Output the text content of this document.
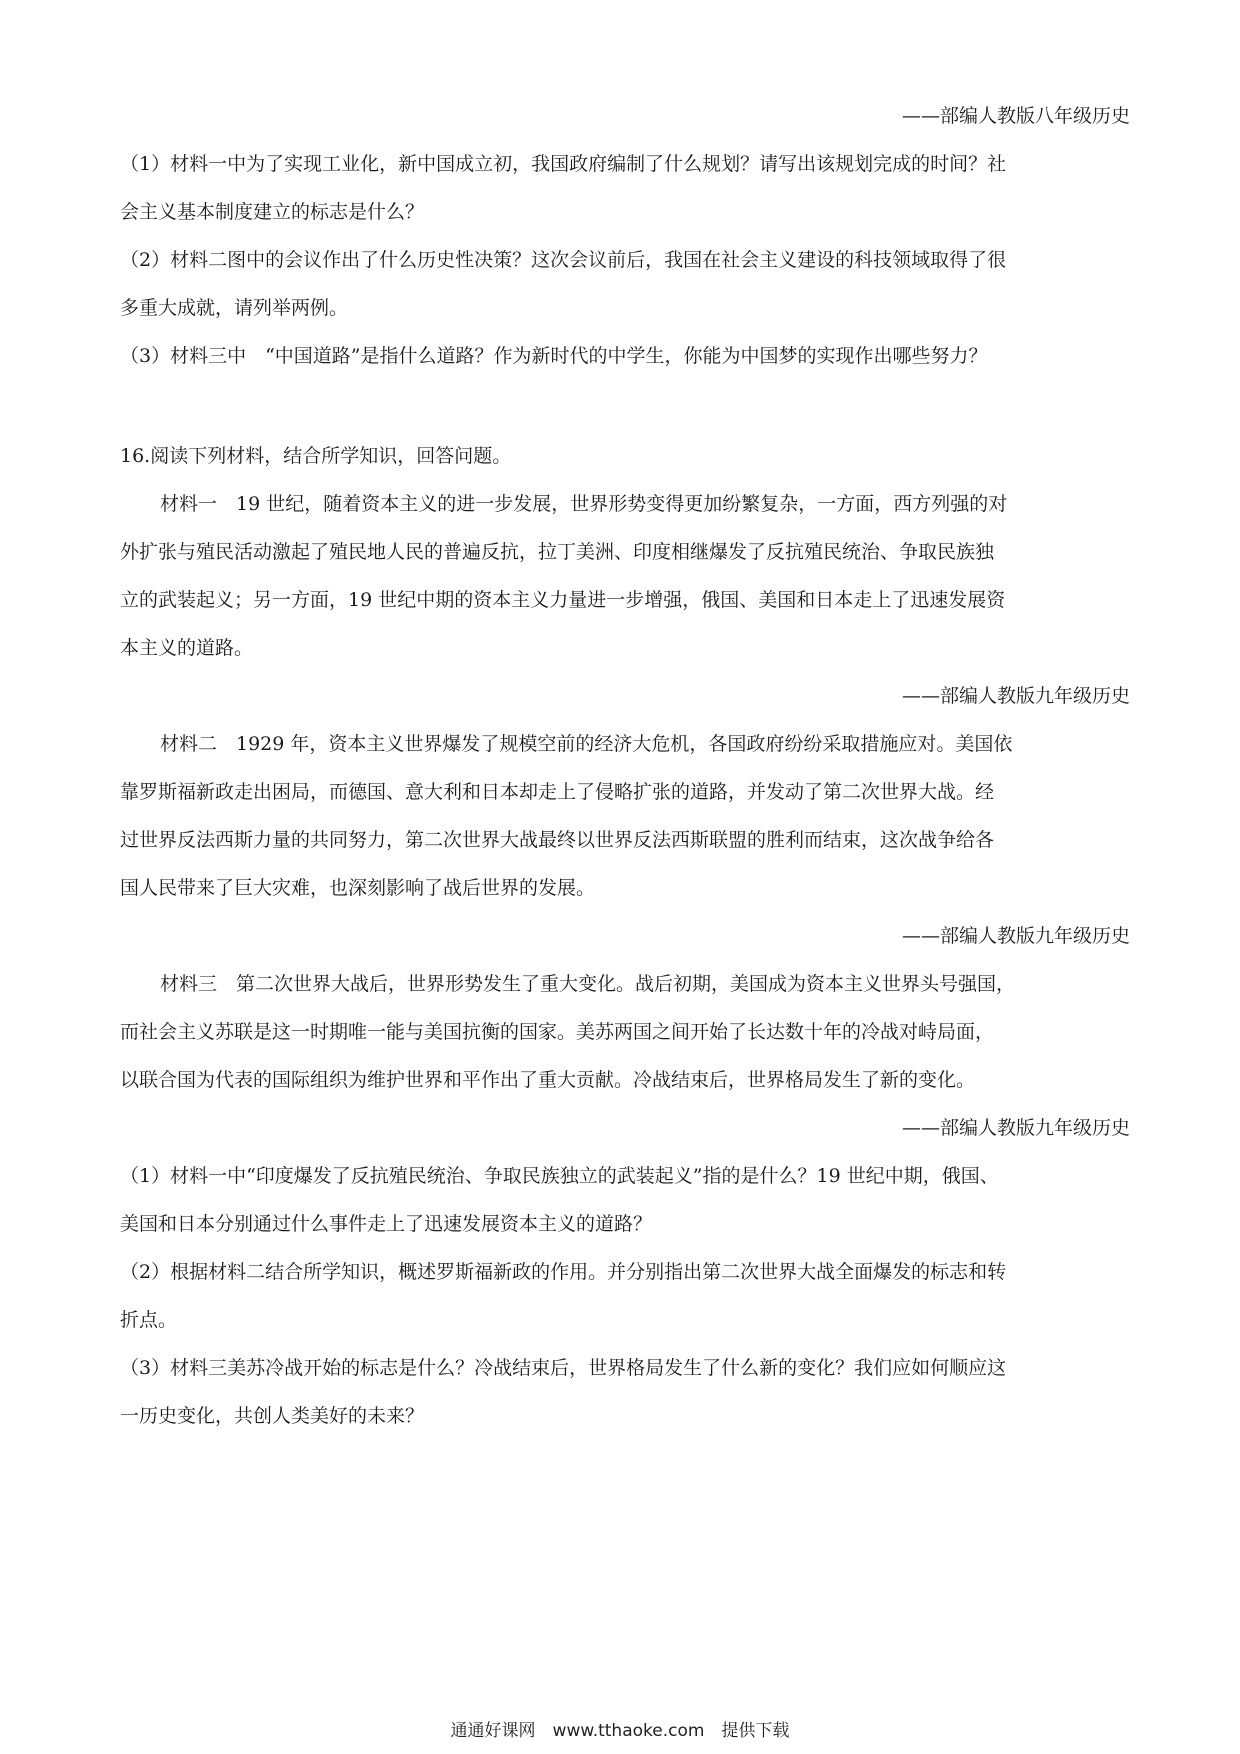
——部编人教版八年级历史
（1）材料一中为了实现工业化，新中国成立初，我国政府编制了什么规划？请写出该规划完成的时间？社
会主义基本制度建立的标志是什么？
（2）材料二图中的会议作出了什么历史性决策？这次会议前后，我国在社会主义建设的科技领域取得了很
多重大成就，请列举两例。
（3）材料三中　“中国道路”是指什么道路？作为新时代的中学生，你能为中国梦的实现作出哪些努力？
16.阅读下列材料，结合所学知识，回答问题。
材料一　19 世纪，随着资本主义的进一步发展，世界形势变得更加纷繁复杂，一方面，西方列强的对
外扩张与殖民活动激起了殖民地人民的普遍反抗，拉丁美洲、印度相继爆发了反抗殖民统治、争取民族独
立的武装起义；另一方面，19 世纪中期的资本主义力量进一步增强，俄国、美国和日本走上了迅速发展资
本主义的道路。
——部编人教版九年级历史
材料二　1929 年，资本主义世界爆发了规模空前的经济大危机，各国政府纷纷采取措施应对。美国依
靠罗斯福新政走出困局，而德国、意大利和日本却走上了侵略扩张的道路，并发动了第二次世界大战。经
过世界反法西斯力量的共同努力，第二次世界大战最终以世界反法西斯联盟的胜利而结束，这次战争给各
国人民带来了巨大灾难，也深刻影响了战后世界的发展。
——部编人教版九年级历史
材料三　第二次世界大战后，世界形势发生了重大变化。战后初期，美国成为资本主义世界头号强国，
而社会主义苏联是这一时期唯一能与美国抗衡的国家。美苏两国之间开始了长达数十年的冷战对峙局面，
以联合国为代表的国际组织为维护世界和平作出了重大贡献。冷战结束后，世界格局发生了新的变化。
——部编人教版九年级历史
（1）材料一中“印度爆发了反抗殖民统治、争取民族独立的武装起义”指的是什么？19 世纪中期，俄国、
美国和日本分别通过什么事件走上了迅速发展资本主义的道路？
（2）根据材料二结合所学知识，概述罗斯福新政的作用。并分别指出第二次世界大战全面爆发的标志和转
折点。
（3）材料三美苏冷战开始的标志是什么？冷战结束后，世界格局发生了什么新的变化？我们应如何顺应这
一历史变化，共创人类美好的未来？
通通好课网　www.tthaoke.com　提供下载
